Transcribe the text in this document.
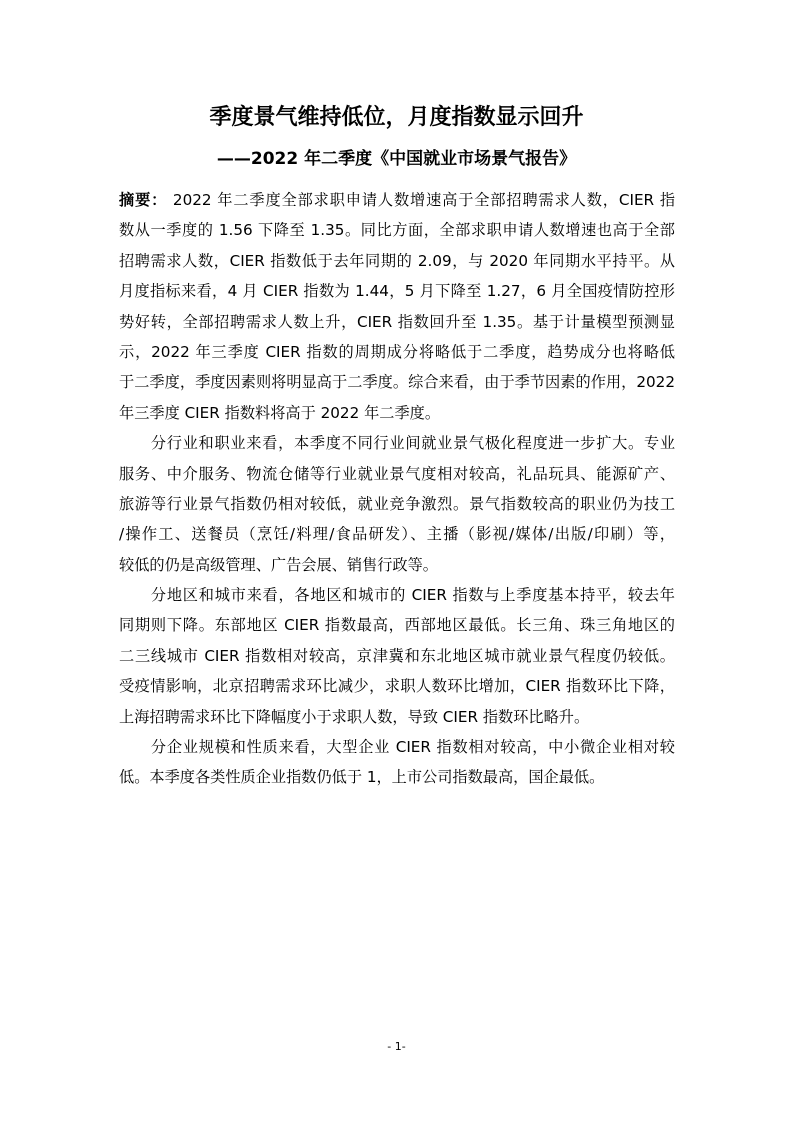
季度景气维持低位，月度指数显示回升
——2022 年二季度《中国就业市场景气报告》
摘要： 2022 年二季度全部求职申请人数增速高于全部招聘需求人数，CIER 指
数从一季度的 1.56 下降至 1.35。同比方面，全部求职申请人数增速也高于全部
招聘需求人数，CIER 指数低于去年同期的 2.09，与 2020 年同期水平持平。从
月度指标来看，4 月 CIER 指数为 1.44，5 月下降至 1.27，6 月全国疫情防控形
势好转，全部招聘需求人数上升，CIER 指数回升至 1.35。基于计量模型预测显
示，2022 年三季度 CIER 指数的周期成分将略低于二季度，趋势成分也将略低
于二季度，季度因素则将明显高于二季度。综合来看，由于季节因素的作用，2022
年三季度 CIER 指数料将高于 2022 年二季度。
　　分行业和职业来看，本季度不同行业间就业景气极化程度进一步扩大。专业
服务、中介服务、物流仓储等行业就业景气度相对较高，礼品玩具、能源矿产、
旅游等行业景气指数仍相对较低，就业竞争激烈。景气指数较高的职业仍为技工
/操作工、送餐员（烹饪/料理/食品研发）、主播（影视/媒体/出版/印刷）等，
较低的仍是高级管理、广告会展、销售行政等。
　　分地区和城市来看，各地区和城市的 CIER 指数与上季度基本持平，较去年
同期则下降。东部地区 CIER 指数最高，西部地区最低。长三角、珠三角地区的
二三线城市 CIER 指数相对较高，京津冀和东北地区城市就业景气程度仍较低。
受疫情影响，北京招聘需求环比减少，求职人数环比增加，CIER 指数环比下降，
上海招聘需求环比下降幅度小于求职人数，导致 CIER 指数环比略升。
　　分企业规模和性质来看，大型企业 CIER 指数相对较高，中小微企业相对较
低。本季度各类性质企业指数仍低于 1，上市公司指数最高，国企最低。
- 1-
